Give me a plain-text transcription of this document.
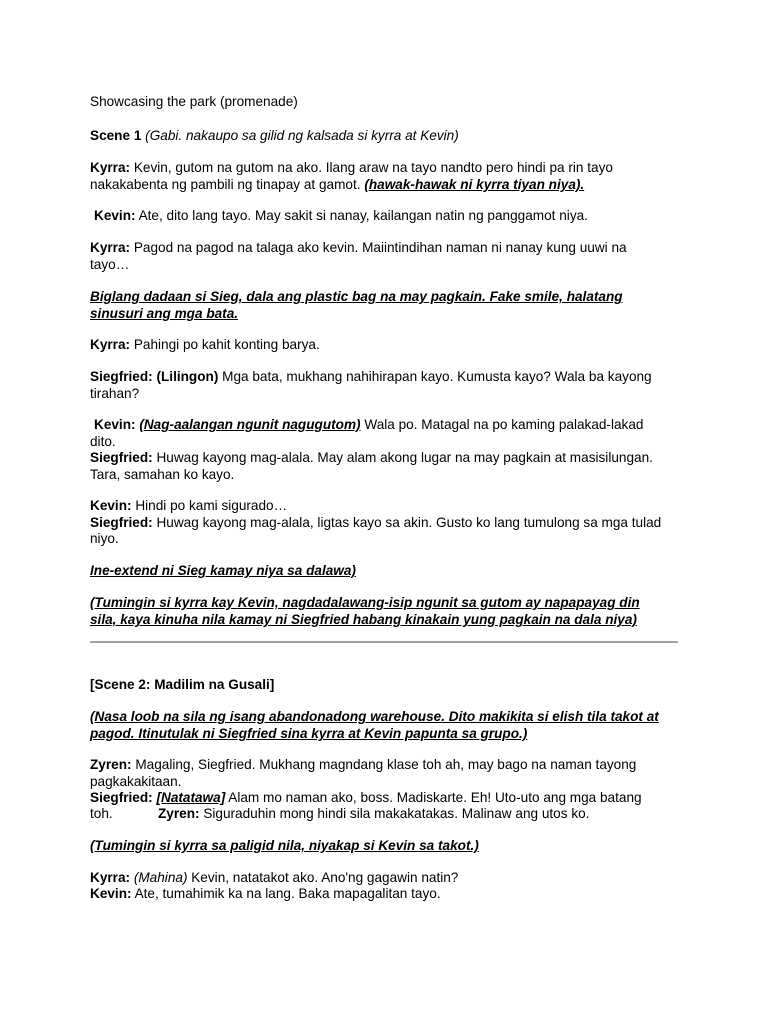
Showcasing the park (promenade)
Scene 1 (Gabi. nakaupo sa gilid ng kalsada si kyrra at Kevin)
Kyrra: Kevin, gutom na gutom na ako. Ilang araw na tayo nandto pero hindi pa rin tayo
nakakabenta ng pambili ng tinapay at gamot. (hawak-hawak ni kyrra tiyan niya).
Kevin: Ate, dito lang tayo. May sakit si nanay, kailangan natin ng panggamot niya.
Kyrra: Pagod na pagod na talaga ako kevin. Maiintindihan naman ni nanay kung uuwi na
tayo…
Biglang dadaan si Sieg, dala ang plastic bag na may pagkain. Fake smile, halatang
sinusuri ang mga bata.
Kyrra: Pahingi po kahit konting barya.
Siegfried: (Lilingon) Mga bata, mukhang nahihirapan kayo. Kumusta kayo? Wala ba kayong
tirahan?
Kevin: (Nag-aalangan ngunit nagugutom) Wala po. Matagal na po kaming palakad-lakad
dito.
Siegfried: Huwag kayong mag-alala. May alam akong lugar na may pagkain at masisilungan.
Tara, samahan ko kayo.
Kevin: Hindi po kami sigurado…
Siegfried: Huwag kayong mag-alala, ligtas kayo sa akin. Gusto ko lang tumulong sa mga tulad
niyo.
Ine-extend ni Sieg kamay niya sa dalawa)
(Tumingin si kyrra kay Kevin, nagdadalawang-isip ngunit sa gutom ay napapayag din
sila, kaya kinuha nila kamay ni Siegfried habang kinakain yung pagkain na dala niya)
[Scene 2: Madilim na Gusali]
(Nasa loob na sila ng isang abandonadong warehouse. Dito makikita si elish tila takot at
pagod. Itinutulak ni Siegfried sina kyrra at Kevin papunta sa grupo.)
Zyren: Magaling, Siegfried. Mukhang magndang klase toh ah, may bago na naman tayong
pagkakakitaan.
Siegfried: [Natatawa] Alam mo naman ako, boss. Madiskarte. Eh! Uto-uto ang mga batang
toh.            Zyren: Siguraduhin mong hindi sila makakatakas. Malinaw ang utos ko.
(Tumingin si kyrra sa paligid nila, niyakap si Kevin sa takot.)
Kyrra: (Mahina) Kevin, natatakot ako. Ano'ng gagawin natin?
Kevin: Ate, tumahimik ka na lang. Baka mapagalitan tayo.
